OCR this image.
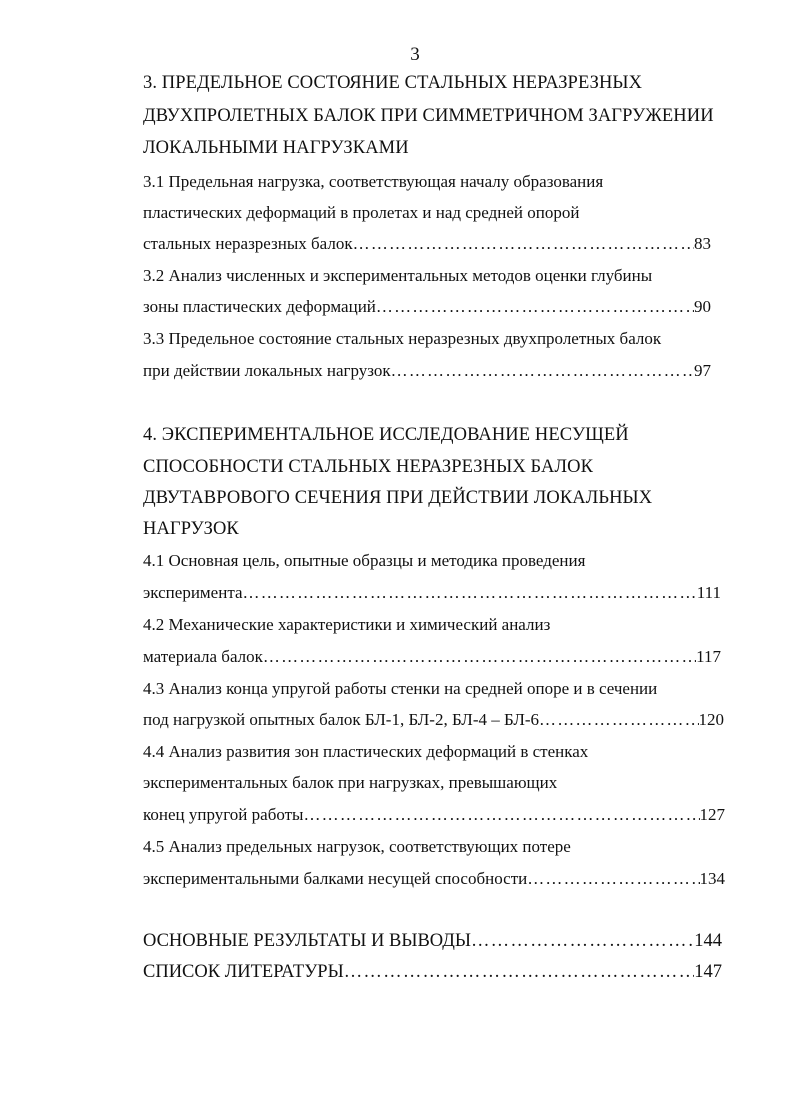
3
3. ПРЕДЕЛЬНОЕ СОСТОЯНИЕ СТАЛЬНЫХ НЕРАЗРЕЗНЫХ
ДВУХПРОЛЕТНЫХ БАЛОК ПРИ СИММЕТРИЧНОМ ЗАГРУЖЕНИИ
ЛОКАЛЬНЫМИ НАГРУЗКАМИ
3.1 Предельная нагрузка, соответствующая началу образования
пластических деформаций в пролетах и над средней опорой
стальных неразрезных балок ……………………………………………………………………………………………………………………………………………………	83
3.2 Анализ численных и экспериментальных методов оценки глубины
зоны пластических деформаций ……………………………………………………………………………………………………………………………………………………	90
3.3 Предельное состояние стальных неразрезных двухпролетных балок
при действии локальных нагрузок ……………………………………………………………………………………………………………………………………………………	97
4. ЭКСПЕРИМЕНТАЛЬНОЕ ИССЛЕДОВАНИЕ НЕСУЩЕЙ
СПОСОБНОСТИ СТАЛЬНЫХ НЕРАЗРЕЗНЫХ БАЛОК
ДВУТАВРОВОГО СЕЧЕНИЯ ПРИ ДЕЙСТВИИ ЛОКАЛЬНЫХ
НАГРУЗОК
4.1 Основная цель, опытные образцы и методика проведения
эксперимента ……………………………………………………………………………………………………………………………………………………	111
4.2 Механические характеристики и химический анализ
материала балок ……………………………………………………………………………………………………………………………………………………	117
4.3 Анализ конца упругой работы стенки на средней опоре и в сечении
под нагрузкой опытных балок БЛ-1, БЛ-2, БЛ-4 – БЛ-6 ……………………………………………………………………………………………………………………………………………………	120
4.4 Анализ развития зон пластических деформаций в стенках
экспериментальных балок при нагрузках, превышающих
конец упругой работы ……………………………………………………………………………………………………………………………………………………	127
4.5 Анализ предельных нагрузок, соответствующих потере
экспериментальными балками несущей способности ……………………………………………………………………………………………………………………………………………………	134
ОСНОВНЫЕ РЕЗУЛЬТАТЫ И ВЫВОДЫ ……………………………………………………………………………………………………………………………………………………	144
СПИСОК ЛИТЕРАТУРЫ ……………………………………………………………………………………………………………………………………………………	147
